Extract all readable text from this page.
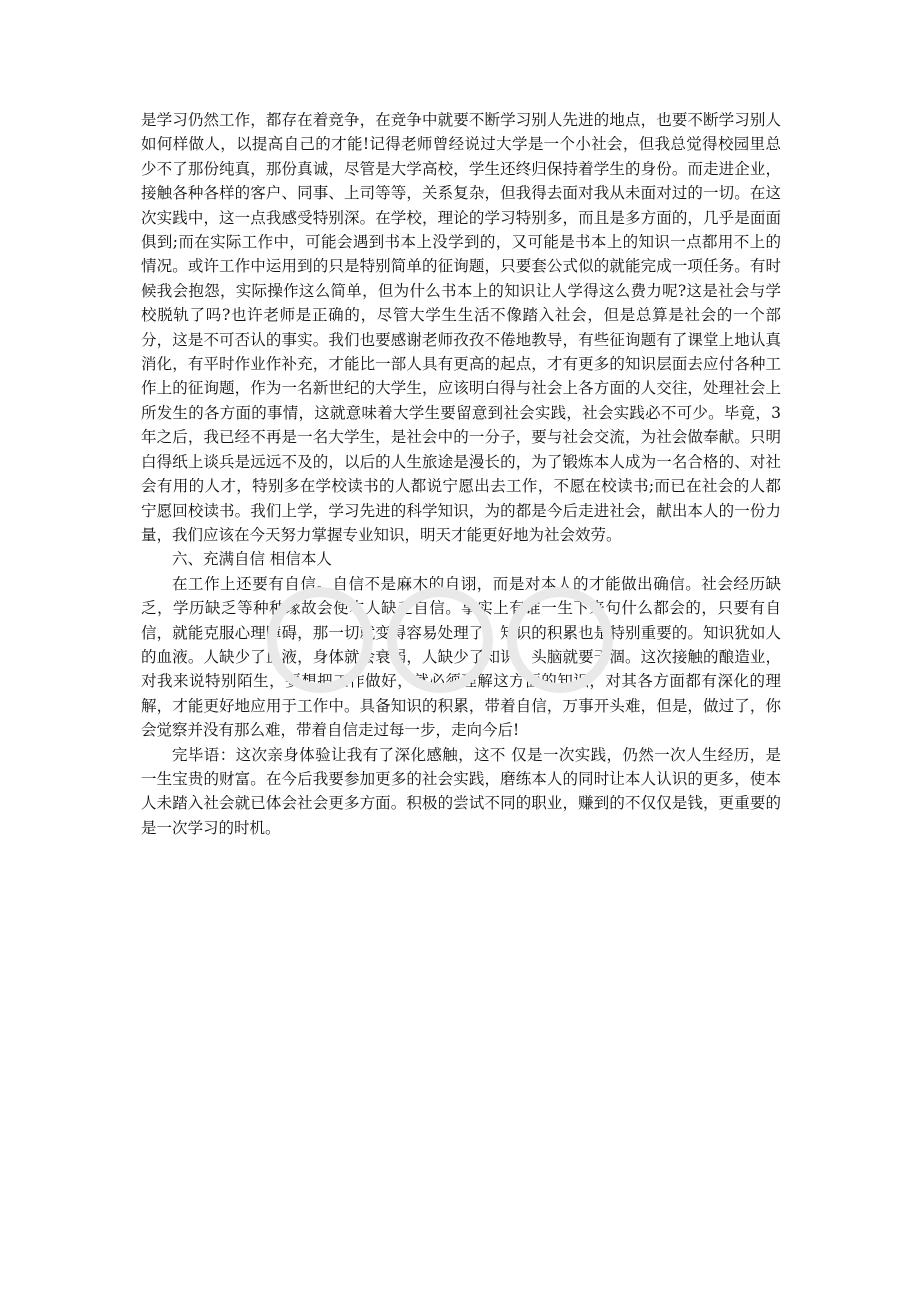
是学习仍然工作，都存在着竞争，在竞争中就要不断学习别人先进的地点，也要不断学习别人如何样做人，以提高自己的才能!记得老师曾经说过大学是一个小社会，但我总觉得校园里总少不了那份纯真，那份真诚，尽管是大学高校，学生还终归保持着学生的身份。而走进企业，接触各种各样的客户、同事、上司等等，关系复杂，但我得去面对我从未面对过的一切。在这次实践中，这一点我感受特别深。在学校，理论的学习特别多，而且是多方面的，几乎是面面俱到;而在实际工作中，可能会遇到书本上没学到的，又可能是书本上的知识一点都用不上的情况。或许工作中运用到的只是特别简单的征询题，只要套公式似的就能完成一项任务。有时候我会抱怨，实际操作这么简单，但为什么书本上的知识让人学得这么费力呢?这是社会与学校脱轨了吗?也许老师是正确的，尽管大学生生活不像踏入社会，但是总算是社会的一个部分，这是不可否认的事实。我们也要感谢老师孜孜不倦地教导，有些征询题有了课堂上地认真消化，有平时作业作补充，才能比一部人具有更高的起点，才有更多的知识层面去应付各种工作上的征询题，作为一名新世纪的大学生，应该明白得与社会上各方面的人交往，处理社会上所发生的各方面的事情，这就意味着大学生要留意到社会实践，社会实践必不可少。毕竟，3年之后，我已经不再是一名大学生，是社会中的一分子，要与社会交流，为社会做奉献。只明白得纸上谈兵是远远不及的，以后的人生旅途是漫长的，为了锻炼本人成为一名合格的、对社会有用的人才，特别多在学校读书的人都说宁愿出去工作，不愿在校读书;而已在社会的人都宁愿回校读书。我们上学，学习先进的科学知识，为的都是今后走进社会，献出本人的一份力量，我们应该在今天努力掌握专业知识，明天才能更好地为社会效劳。

六、充满自信 相信本人

在工作上还要有自信。自信不是麻木的自诩，而是对本人的才能做出确信。社会经历缺乏，学历缺乏等种种缘故会使本人缺乏自信。事实上有谁一生下来句什么都会的，只要有自信，就能克服心理障碍，那一切就变得容易处理了。知识的积累也是特别重要的。知识犹如人的血液。人缺少了血液，身体就会衰弱，人缺少了知识，头脑就要干涸。这次接触的酿造业，对我来说特别陌生，要想把工作做好，就必须理解这方面的知识，对其各方面都有深化的理解，才能更好地应用于工作中。具备知识的积累，带着自信，万事开头难，但是，做过了，你会觉察并没有那么难，带着自信走过每一步，走向今后!

完毕语：这次亲身体验让我有了深化感触，这不 仅是一次实践，仍然一次人生经历，是一生宝贵的财富。在今后我要参加更多的社会实践，磨练本人的同时让本人认识的更多，使本人未踏入社会就已体会社会更多方面。积极的尝试不同的职业，赚到的不仅仅是钱，更重要的是一次学习的时机。
